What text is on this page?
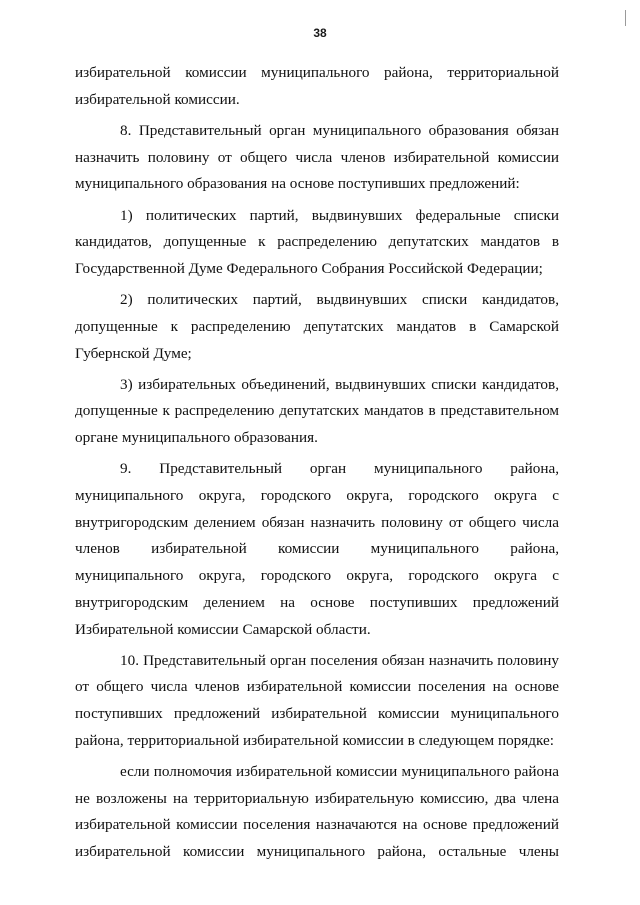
38

избирательной комиссии муниципального района, территориальной избирательной комиссии.

8. Представительный орган муниципального образования обязан назначить половину от общего числа членов избирательной комиссии муниципального образования на основе поступивших предложений:

1) политических партий, выдвинувших федеральные списки кандидатов, допущенные к распределению депутатских мандатов в Государственной Думе Федерального Собрания Российской Федерации;

2) политических партий, выдвинувших списки кандидатов, допущенные к распределению депутатских мандатов в Самарской Губернской Думе;

3) избирательных объединений, выдвинувших списки кандидатов, допущенные к распределению депутатских мандатов в представительном органе муниципального образования.

9. Представительный орган муниципального района, муниципального округа, городского округа, городского округа с внутригородским делением обязан назначить половину от общего числа членов избирательной комиссии муниципального района, муниципального округа, городского округа, городского округа с внутригородским делением на основе поступивших предложений Избирательной комиссии Самарской области.

10. Представительный орган поселения обязан назначить половину от общего числа членов избирательной комиссии поселения на основе поступивших предложений избирательной комиссии муниципального района, территориальной избирательной комиссии в следующем порядке:

если полномочия избирательной комиссии муниципального района не возложены на территориальную избирательную комиссию, два члена избирательной комиссии поселения назначаются на основе предложений избирательной комиссии муниципального района, остальные члены
